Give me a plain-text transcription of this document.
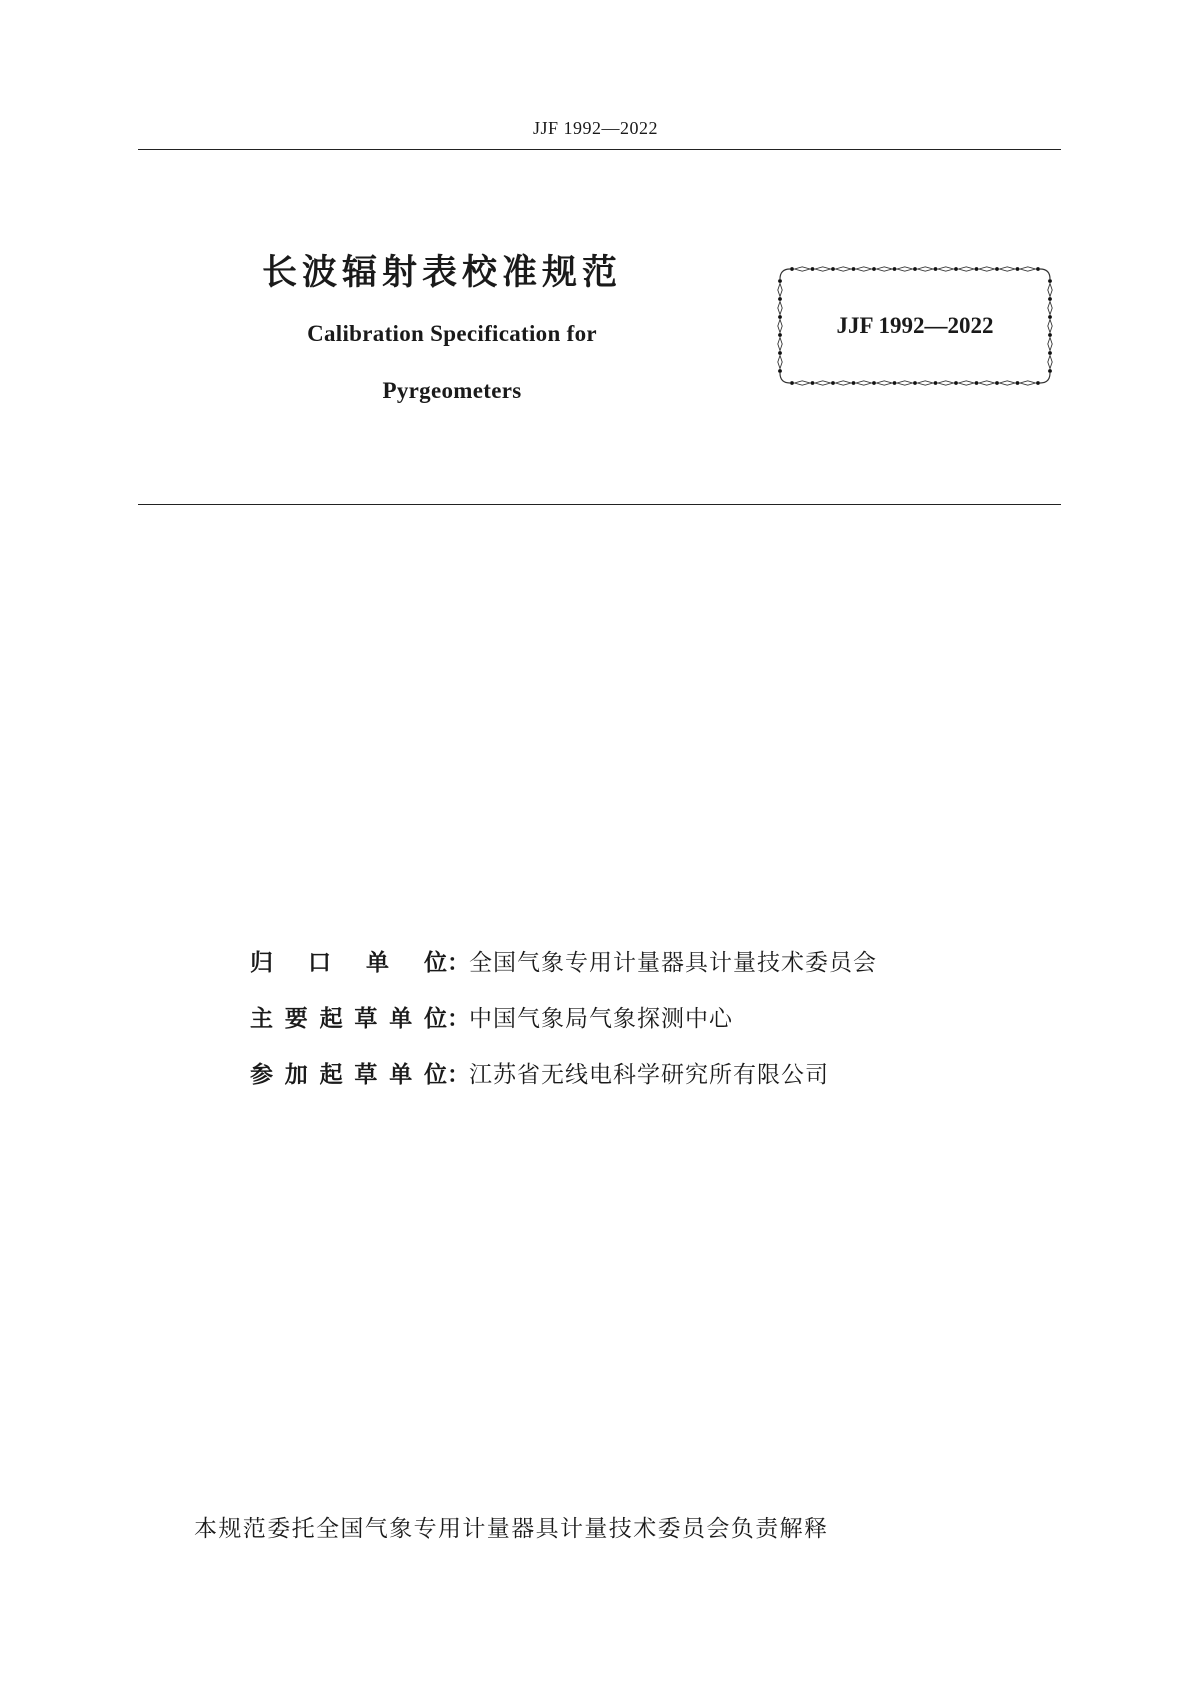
JJF 1992—2022
长波辐射表校准规范
Calibration Specification for
Pyrgeometers
JJF 1992—2022
归口单位 ： 全国气象专用计量器具计量技术委员会
主要起草单位 ： 中国气象局气象探测中心
参加起草单位 ： 江苏省无线电科学研究所有限公司
本规范委托全国气象专用计量器具计量技术委员会负责解释
